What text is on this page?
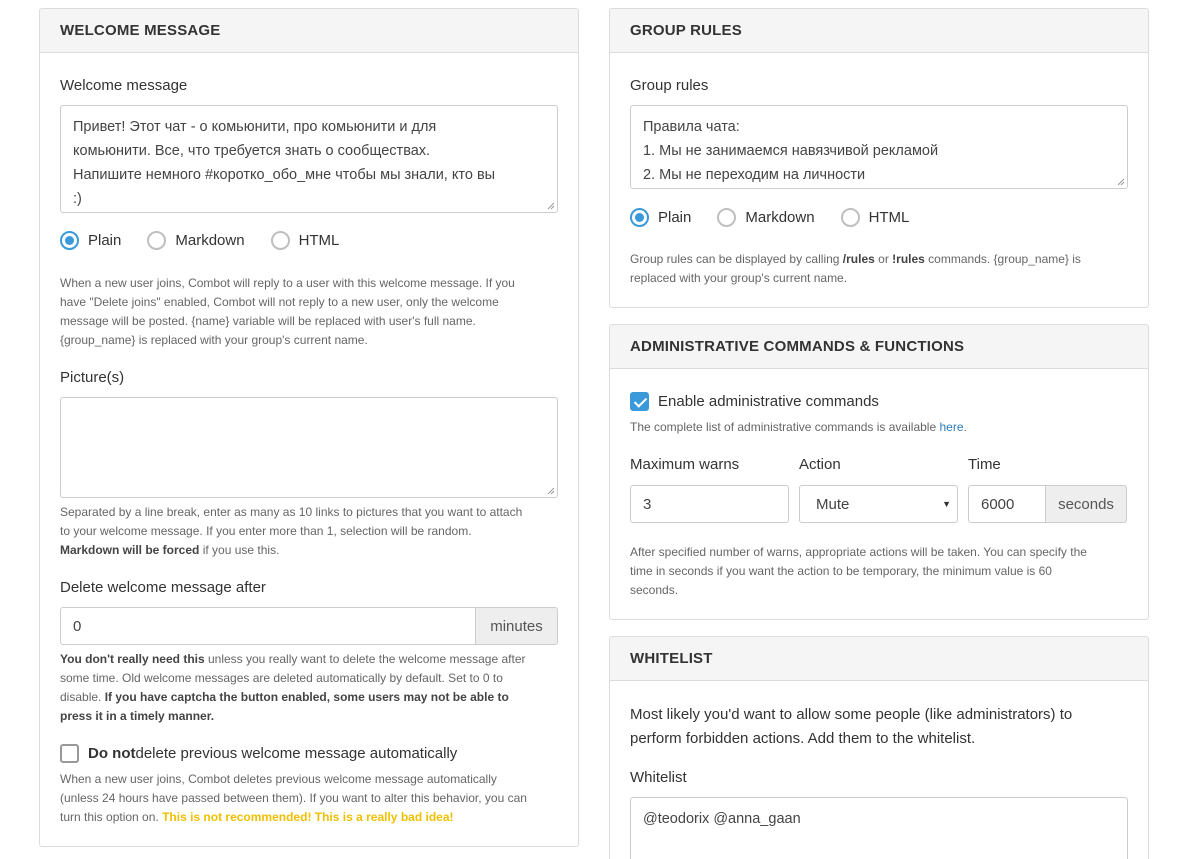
WELCOME MESSAGE
Welcome message
Привет! Этот чат - о комьюнити, про комьюнити и для
комьюнити. Все, что требуется знать о сообществах.
Напишите немного #коротко_обо_мне чтобы мы знали, кто вы
:)
Plain	Markdown	HTML
When a new user joins, Combot will reply to a user with this welcome message. If you
have "Delete joins" enabled, Combot will not reply to a new user, only the welcome
message will be posted. {name} variable will be replaced with user's full name.
{group_name} is replaced with your group's current name.
Picture(s)
Separated by a line break, enter as many as 10 links to pictures that you want to attach
to your welcome message. If you enter more than 1, selection will be random.
Markdown will be forced if you use this.
Delete welcome message after
0	minutes
You don't really need this unless you really want to delete the welcome message after
some time. Old welcome messages are deleted automatically by default. Set to 0 to
disable. If you have captcha the button enabled, some users may not be able to
press it in a timely manner.
Do not delete previous welcome message automatically
When a new user joins, Combot deletes previous welcome message automatically
(unless 24 hours have passed between them). If you want to alter this behavior, you can
turn this option on. This is not recommended! This is a really bad idea!
GROUP RULES
Group rules
Правила чата:
1. Мы не занимаемся навязчивой рекламой
2. Мы не переходим на личности
Plain	Markdown	HTML
Group rules can be displayed by calling /rules or !rules commands. {group_name} is
replaced with your group's current name.
ADMINISTRATIVE COMMANDS & FUNCTIONS
Enable administrative commands
The complete list of administrative commands is available here.
Maximum warns	Action	Time
3	Mute	▼	6000	seconds
After specified number of warns, appropriate actions will be taken. You can specify the
time in seconds if you want the action to be temporary, the minimum value is 60
seconds.
WHITELIST
Most likely you'd want to allow some people (like administrators) to
perform forbidden actions. Add them to the whitelist.
Whitelist
@teodorix @anna_gaan
